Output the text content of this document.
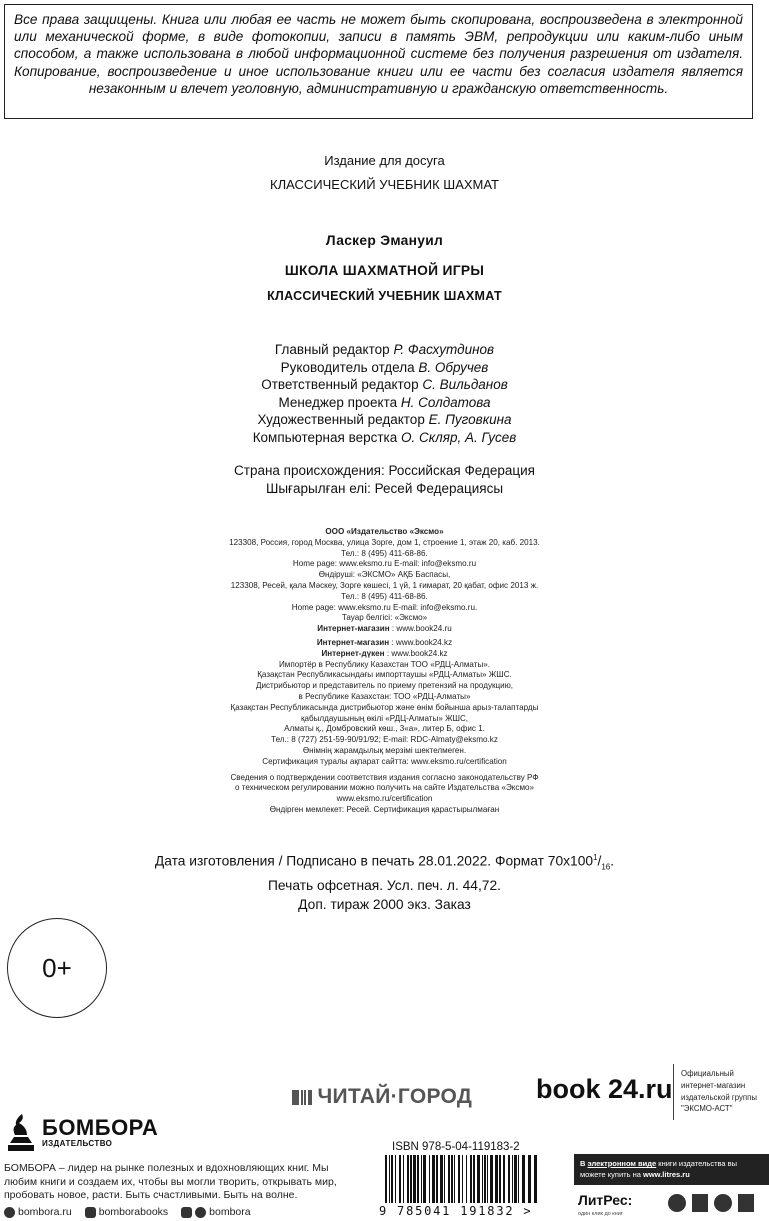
Все права защищены. Книга или любая ее часть не может быть скопирована, воспроизведена в электронной или механической форме, в виде фотокопии, записи в память ЭВМ, репродукции или каким-либо иным способом, а также использована в любой информационной системе без получения разрешения от издателя. Копирование, воспроизведение и иное использование книги или ее части без согласия издателя является незаконным и влечет уголовную, административную и гражданскую ответственность.
Издание для досуга
КЛАССИЧЕСКИЙ УЧЕБНИК ШАХМАТ
Ласкер Эмануил
ШКОЛА ШАХМАТНОЙ ИГРЫ
КЛАССИЧЕСКИЙ УЧЕБНИК ШАХМАТ
Главный редактор Р. Фасхутдинов
Руководитель отдела В. Обручев
Ответственный редактор С. Вильданов
Менеджер проекта Н. Солдатова
Художественный редактор Е. Пуговкина
Компьютерная верстка О. Скляр, А. Гусев
Страна происхождения: Российская Федерация
Шығарылған елі: Ресей Федерациясы
ООО «Издательство «Эксмо»
123308, Россия, город Москва, улица Зорге, дом 1, строение 1, этаж 20, каб. 2013.
Тел.: 8 (495) 411-68-86.
Home page: www.eksmo.ru E-mail: info@eksmo.ru
Өндіруші: «ЭКСМО» АҚБ Баспасы,
123308, Ресей, қала Мәскеу, Зорге көшесі, 1 үй, 1 ғимарат, 20 қабат, офис 2013 ж.
Тел.: 8 (495) 411-68-86.
Home page: www.eksmo.ru E-mail: info@eksmo.ru.
Тауар белгісі: «Эксмо»
Интернет-магазин : www.book24.ru
Интернет-магазин : www.book24.kz
Интернет-дүкен : www.book24.kz
Импортёр в Республику Казахстан ТОО «РДЦ-Алматы».
Қазақстан Республикасындағы импорттаушы «РДЦ-Алматы» ЖШС.
Дистрибьютор и представитель по приему претензий на продукцию,
в Республике Казахстан: ТОО «РДЦ-Алматы»
Қазақстан Республикасында дистрибьютор және өнім бойынша арыз-талаптарды
қабылдаушының өкілі «РДЦ-Алматы» ЖШС,
Алматы қ., Домбровский көш., 3«а», литер Б, офис 1.
Тел.: 8 (727) 251-59-90/91/92; E-mail: RDC-Almaty@eksmo.kz
Өнімнің жарамдылық мерзімі шектелмеген.
Сертификация туралы ақпарат сайтта: www.eksmo.ru/certification
Сведения о подтверждении соответствия издания согласно законодательству РФ
о техническом регулировании можно получить на сайте Издательства «Эксмо»
www.eksmo.ru/certification
Өндірген мемлекет: Ресей. Сертификация қарастырылмаған
Дата изготовления / Подписано в печать 28.01.2022. Формат $70x100^1/_{16}$.
Печать офсетная. Усл. печ. л. 44,72.
Доп. тираж 2000 экз. Заказ
0+
ЧИТАЙ·ГОРОД book 24.ru
Официальный
интернет-магазин
издательской группы
"ЭКСМО-АСТ"
БОМБОРА
ИЗДАТЕЛЬСТВО
БОМБОРА – лидер на рынке полезных и вдохновляющих книг. Мы любим книги и создаем их, чтобы вы могли творить, открывать мир, пробовать новое, расти. Быть счастливыми. Быть на волне.
bombora.ru	bomborabooks	bombora
ISBN 978-5-04-119183-2
9 785041 191832 >
В электронном виде книги издательства вы можете купить на www.litres.ru
ЛитРес:
один клик до книг
